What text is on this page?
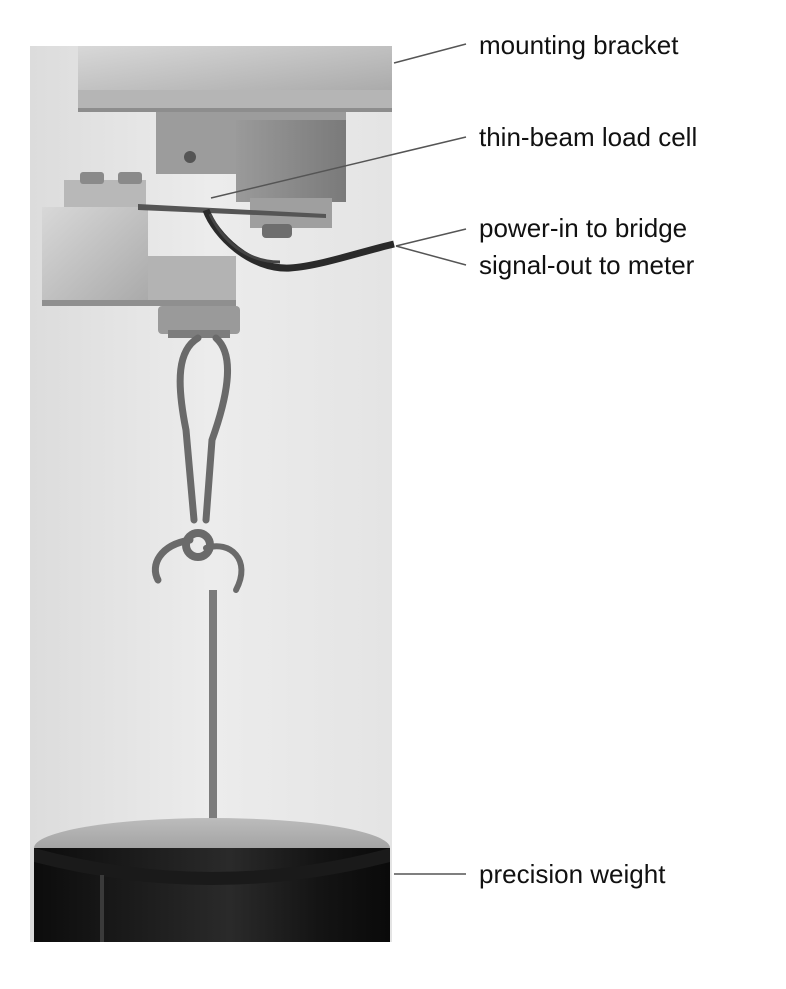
mounting bracket
thin-beam load cell
power-in to bridge
signal-out to meter
precision weight
